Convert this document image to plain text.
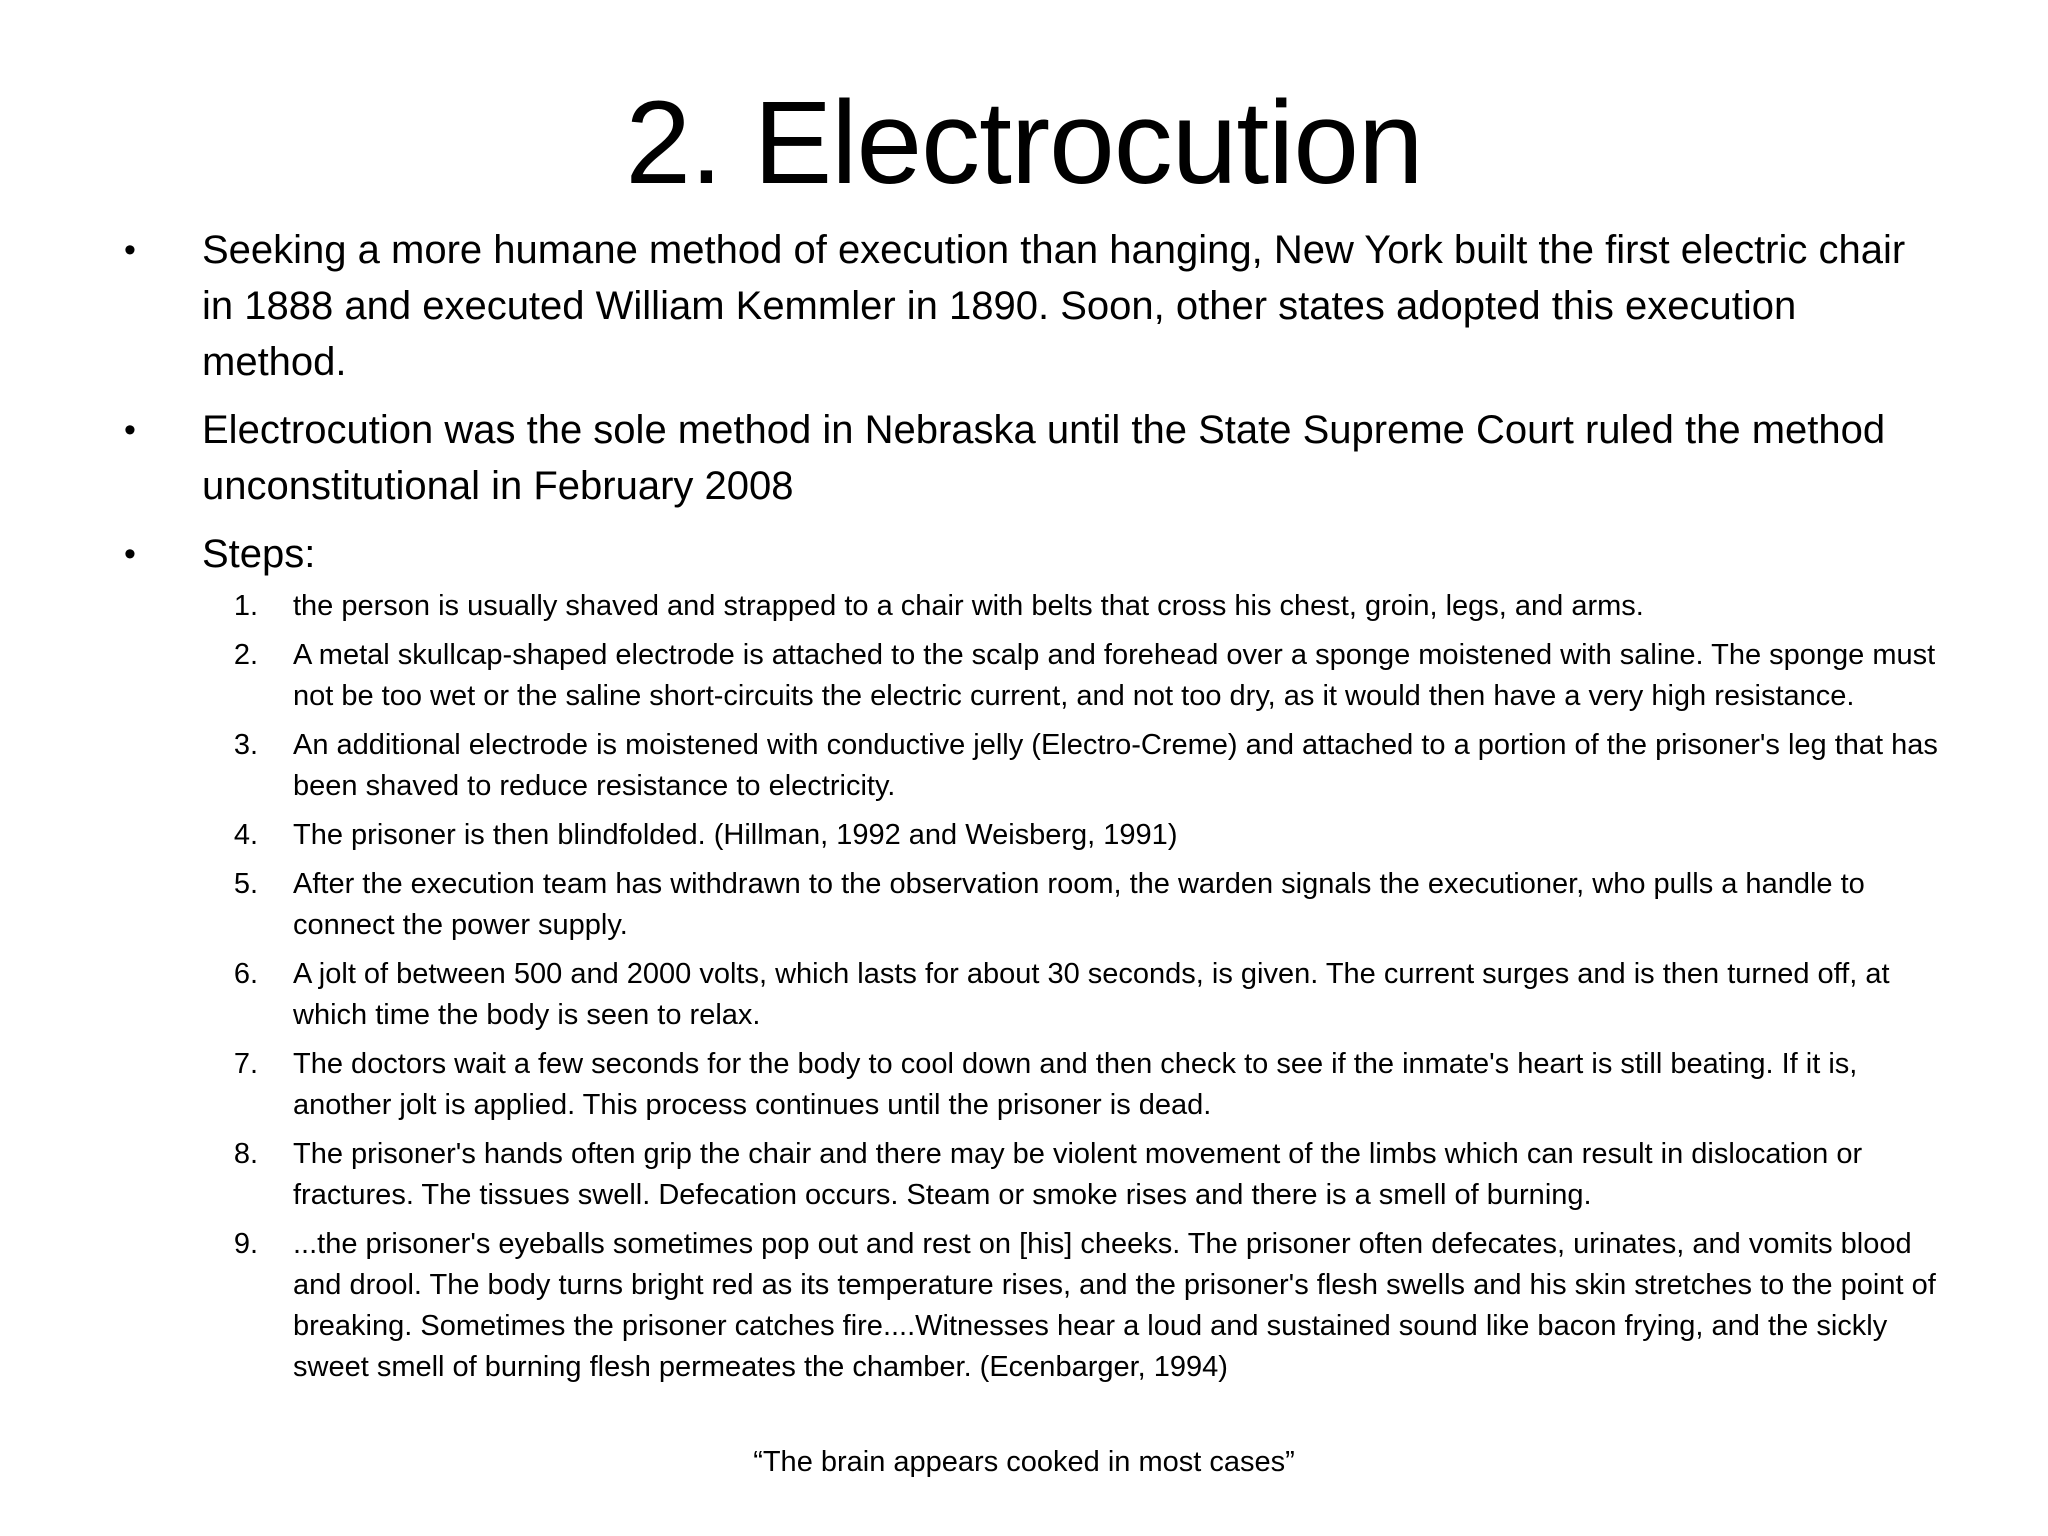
2. Electrocution
•	Seeking a more humane method of execution than hanging, New York built the first electric chair in 1888 and executed William Kemmler in 1890. Soon, other states adopted this execution method.
•	Electrocution was the sole method in Nebraska until the State Supreme Court ruled the method unconstitutional in February 2008
•	Steps:
1. the person is usually shaved and strapped to a chair with belts that cross his chest, groin, legs, and arms.
2. A metal skullcap-shaped electrode is attached to the scalp and forehead over a sponge moistened with saline. The sponge must not be too wet or the saline short-circuits the electric current, and not too dry, as it would then have a very high resistance.
3. An additional electrode is moistened with conductive jelly (Electro-Creme) and attached to a portion of the prisoner's leg that has been shaved to reduce resistance to electricity.
4. The prisoner is then blindfolded. (Hillman, 1992 and Weisberg, 1991)
5. After the execution team has withdrawn to the observation room, the warden signals the executioner, who pulls a handle to connect the power supply.
6. A jolt of between 500 and 2000 volts, which lasts for about 30 seconds, is given. The current surges and is then turned off, at which time the body is seen to relax.
7. The doctors wait a few seconds for the body to cool down and then check to see if the inmate's heart is still beating. If it is, another jolt is applied. This process continues until the prisoner is dead.
8. The prisoner's hands often grip the chair and there may be violent movement of the limbs which can result in dislocation or fractures. The tissues swell. Defecation occurs. Steam or smoke rises and there is a smell of burning.
9. ...the prisoner's eyeballs sometimes pop out and rest on [his] cheeks. The prisoner often defecates, urinates, and vomits blood and drool. The body turns bright red as its temperature rises, and the prisoner's flesh swells and his skin stretches to the point of breaking. Sometimes the prisoner catches fire....Witnesses hear a loud and sustained sound like bacon frying, and the sickly sweet smell of burning flesh permeates the chamber. (Ecenbarger, 1994)
“The brain appears cooked in most cases”
